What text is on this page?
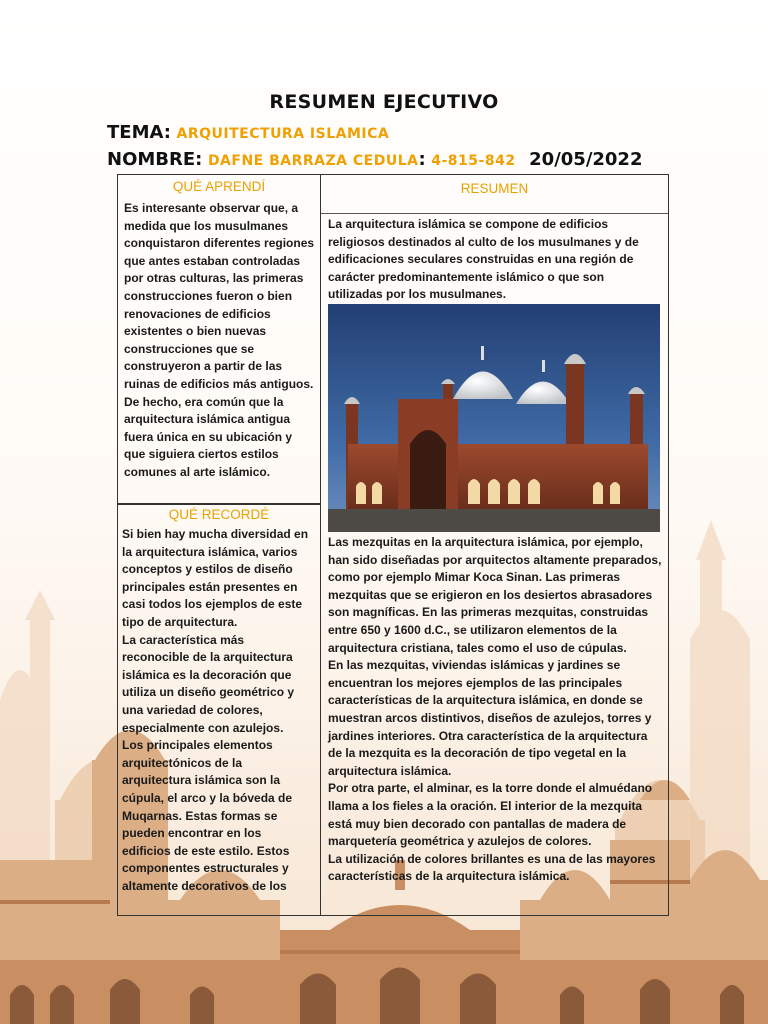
RESUMEN EJECUTIVO
TEMA: ARQUITECTURA ISLAMICA
NOMBRE: DAFNE BARRAZA CEDULA: 4-815-842 20/05/2022
QUÉ APRENDÍ
Es interesante observar que, a medida que los musulmanes conquistaron diferentes regiones que antes estaban controladas por otras culturas, las primeras construcciones fueron o bien renovaciones de edificios existentes o bien nuevas construcciones que se construyeron a partir de las ruinas de edificios más antiguos. De hecho, era común que la arquitectura islámica antigua fuera única en su ubicación y que siguiera ciertos estilos comunes al arte islámico.
QUÉ RECORDÉ
Si bien hay mucha diversidad en la arquitectura islámica, varios conceptos y estilos de diseño principales están presentes en casi todos los ejemplos de este tipo de arquitectura.
La característica más reconocible de la arquitectura islámica es la decoración que utiliza un diseño geométrico y una variedad de colores, especialmente con azulejos.
Los principales elementos arquitectónicos de la arquitectura islámica son la cúpula, el arco y la bóveda de Muqarnas. Estas formas se pueden encontrar en los edificios de este estilo. Estos componentes estructurales y altamente decorativos de los
RESUMEN
La arquitectura islámica se compone de edificios religiosos destinados al culto de los musulmanes y de edificaciones seculares construidas en una región de carácter predominantemente islámico o que son utilizadas por los musulmanes.
Las mezquitas en la arquitectura islámica, por ejemplo, han sido diseñadas por arquitectos altamente preparados, como por ejemplo Mimar Koca Sinan. Las primeras mezquitas que se erigieron en los desiertos abrasadores son magníficas. En las primeras mezquitas, construidas entre 650 y 1600 d.C., se utilizaron elementos de la arquitectura cristiana, tales como el uso de cúpulas.
En las mezquitas, viviendas islámicas y jardines se encuentran los mejores ejemplos de las principales características de la arquitectura islámica, en donde se muestran arcos distintivos, diseños de azulejos, torres y jardines interiores. Otra característica de la arquitectura de la mezquita es la decoración de tipo vegetal en la arquitectura islámica.
Por otra parte, el alminar, es la torre donde el almuédano llama a los fieles a la oración. El interior de la mezquita está muy bien decorado con pantallas de madera de marquetería geométrica y azulejos de colores.
La utilización de colores brillantes es una de las mayores características de la arquitectura islámica.
